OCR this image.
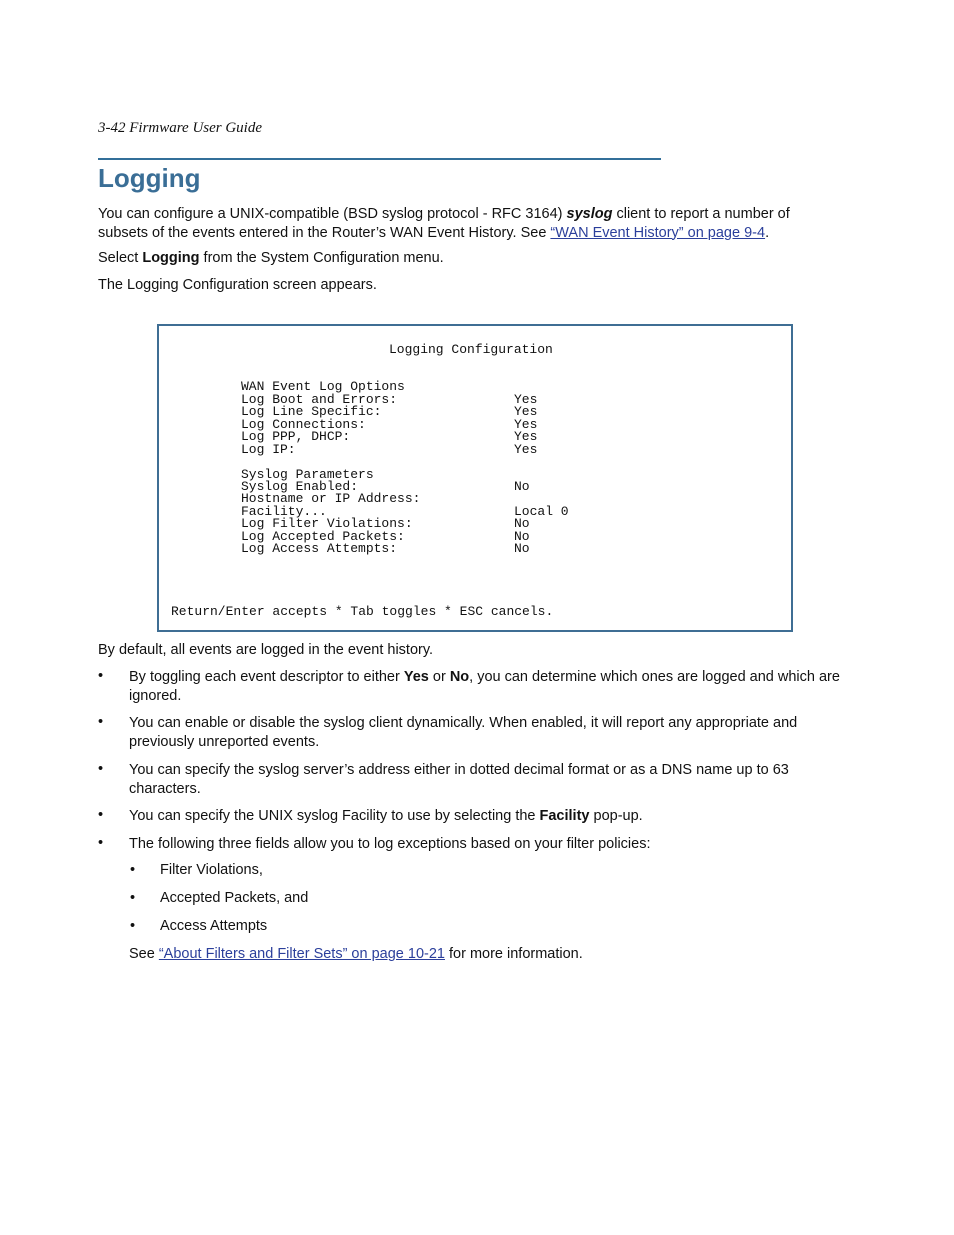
3-42 Firmware User Guide
Logging

You can configure a UNIX-compatible (BSD syslog protocol - RFC 3164) syslog client to report a number of subsets of the events entered in the Router’s WAN Event History. See “WAN Event History” on page 9-4.

Select Logging from the System Configuration menu.

The Logging Configuration screen appears.

Logging Configuration
WAN Event Log Options
Log Boot and Errors:	Yes
Log Line Specific:	Yes
Log Connections:	Yes
Log PPP, DHCP:	Yes
Log IP:	Yes
Syslog Parameters
Syslog Enabled:	No
Hostname or IP Address:
Facility...	Local 0
Log Filter Violations:	No
Log Accepted Packets:	No
Log Access Attempts:	No
Return/Enter accepts * Tab toggles * ESC cancels.

By default, all events are logged in the event history.

• By toggling each event descriptor to either Yes or No, you can determine which ones are logged and which are ignored.

• You can enable or disable the syslog client dynamically. When enabled, it will report any appropriate and previously unreported events.

• You can specify the syslog server’s address either in dotted decimal format or as a DNS name up to 63 characters.

• You can specify the UNIX syslog Facility to use by selecting the Facility pop-up.

• The following three fields allow you to log exceptions based on your filter policies:

• Filter Violations,
• Accepted Packets, and
• Access Attempts

See “About Filters and Filter Sets” on page 10-21 for more information.
